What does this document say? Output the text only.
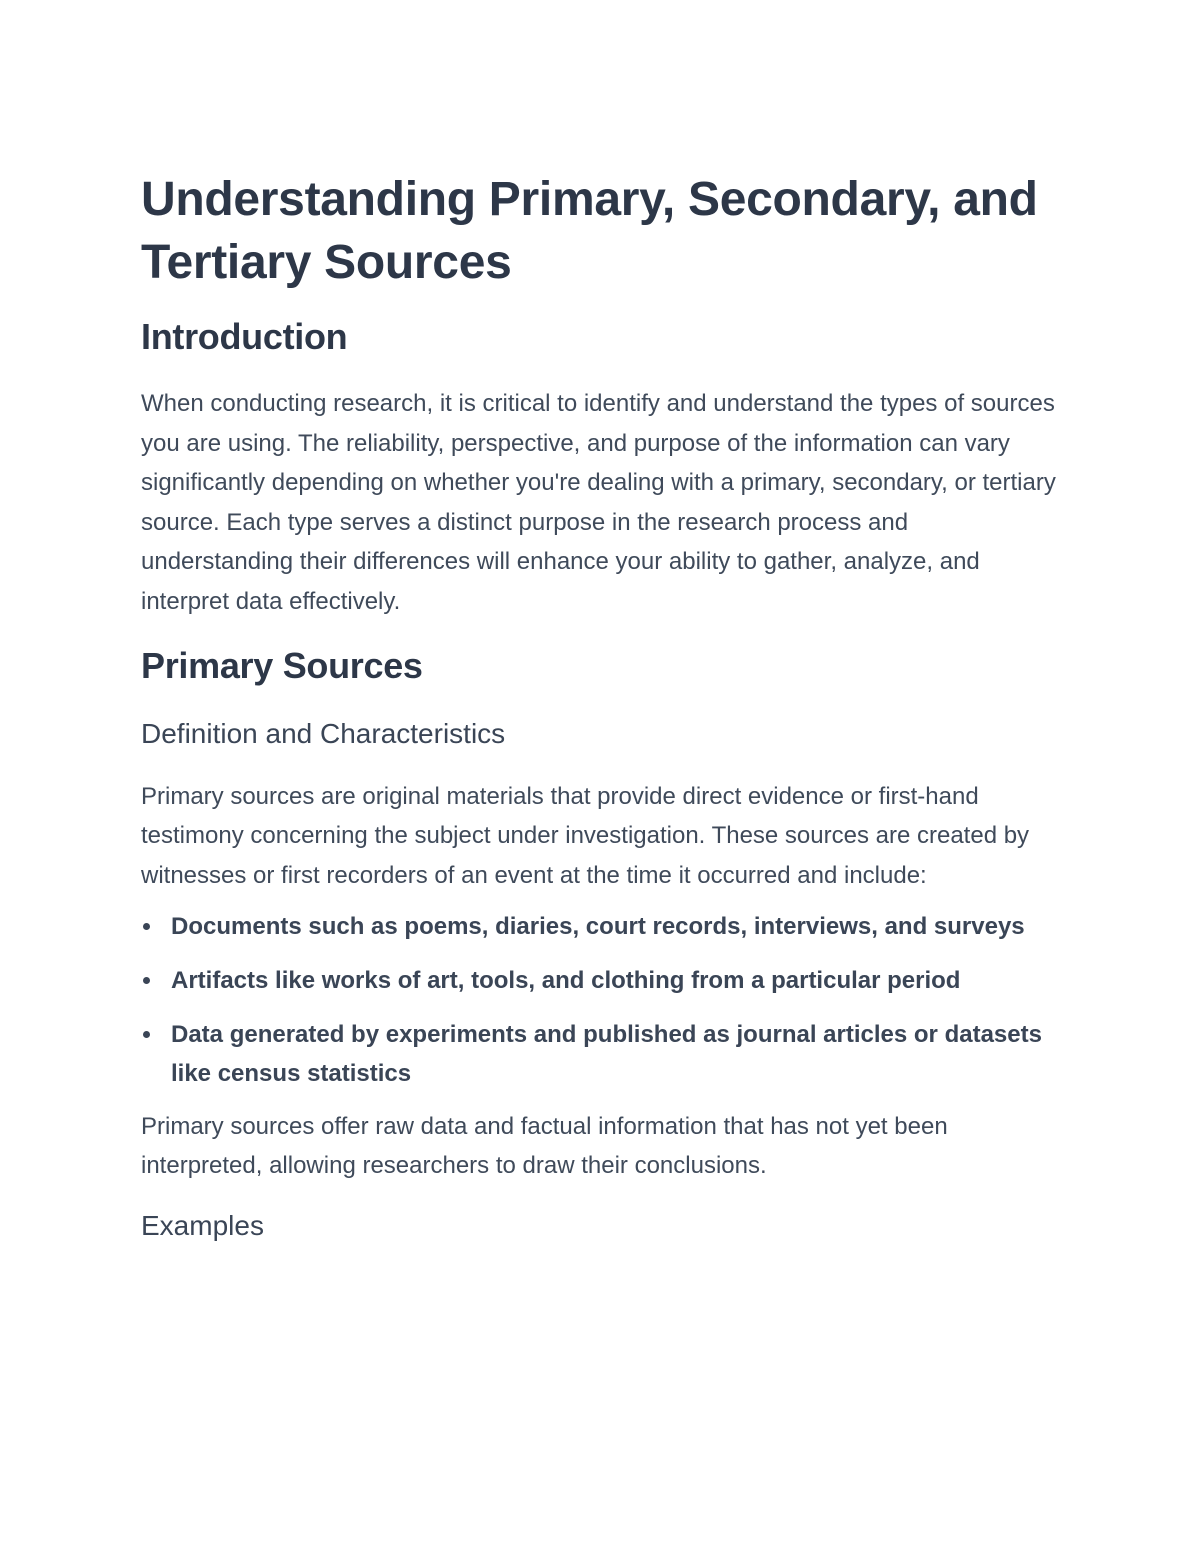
Understanding Primary, Secondary, and Tertiary Sources
Introduction

When conducting research, it is critical to identify and understand the types of sources you are using. The reliability, perspective, and purpose of the information can vary significantly depending on whether you're dealing with a primary, secondary, or tertiary source. Each type serves a distinct purpose in the research process and understanding their differences will enhance your ability to gather, analyze, and interpret data effectively.

Primary Sources
Definition and Characteristics

Primary sources are original materials that provide direct evidence or first-hand testimony concerning the subject under investigation. These sources are created by witnesses or first recorders of an event at the time it occurred and include:

Documents such as poems, diaries, court records, interviews, and surveys
Artifacts like works of art, tools, and clothing from a particular period
Data generated by experiments and published as journal articles or datasets like census statistics

Primary sources offer raw data and factual information that has not yet been interpreted, allowing researchers to draw their conclusions.

Examples
